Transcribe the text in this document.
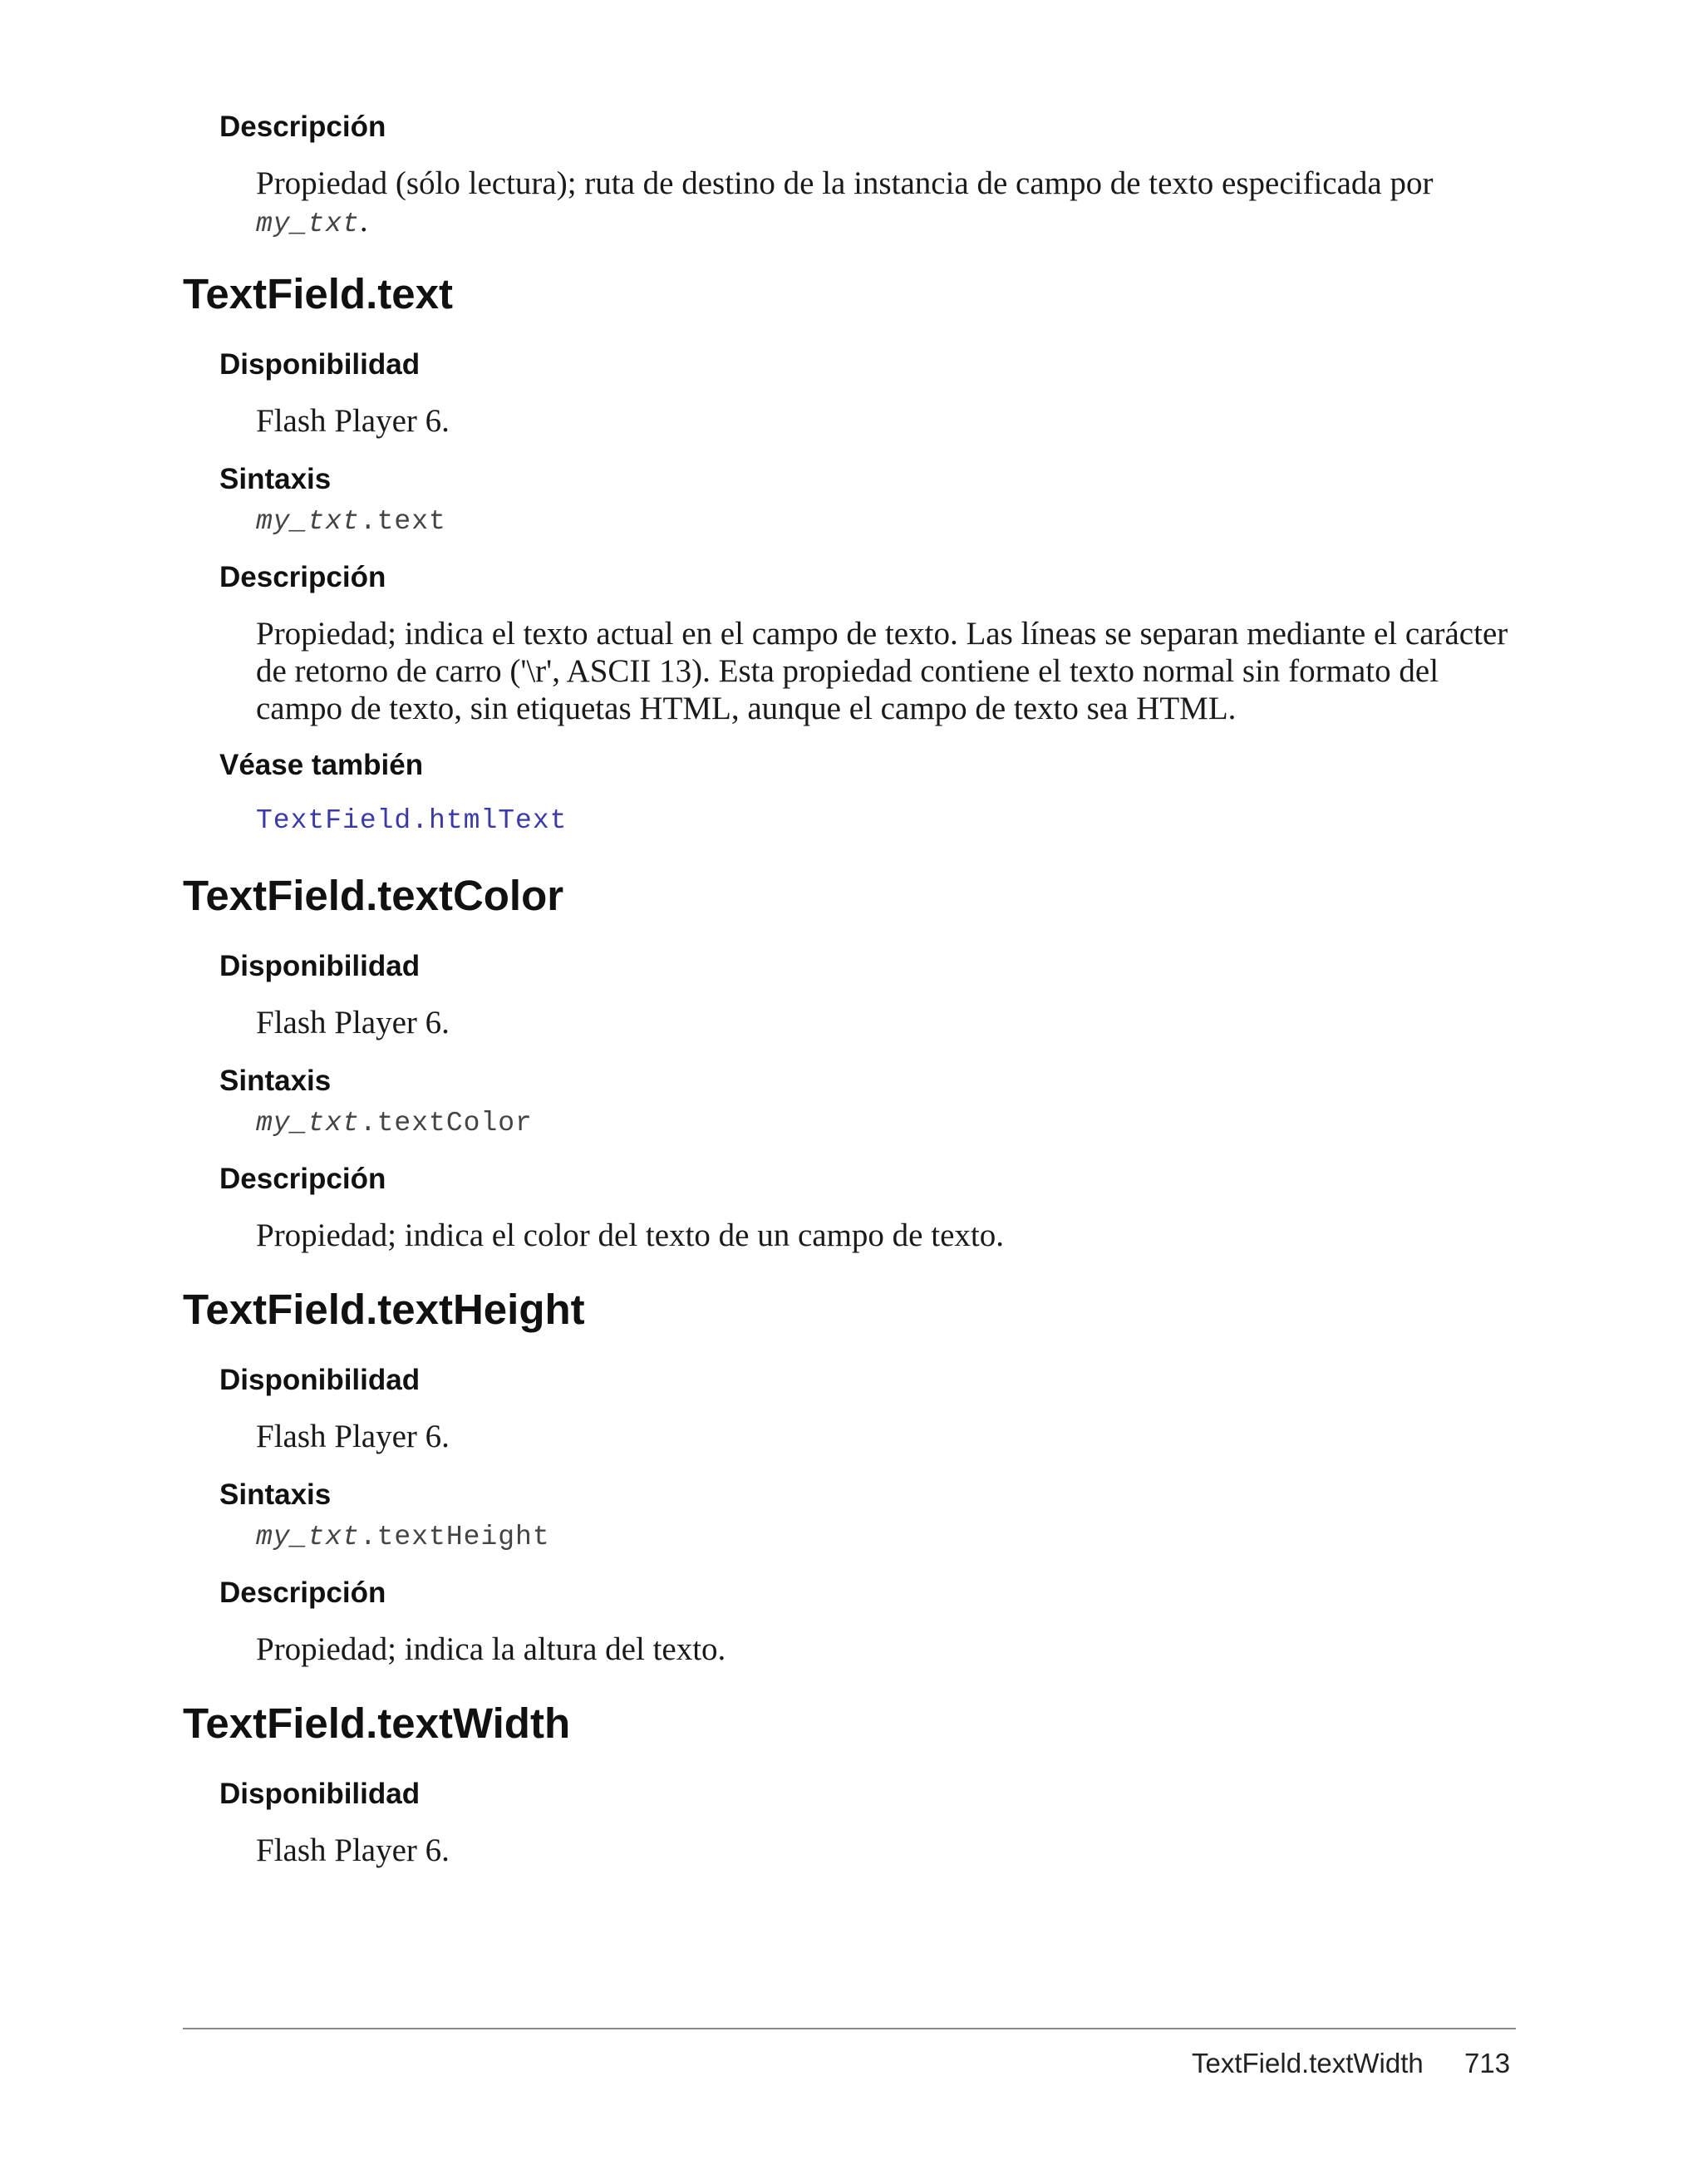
Descripción

Propiedad (sólo lectura); ruta de destino de la instancia de campo de texto especificada por
my_txt.

TextField.text
Disponibilidad

Flash Player 6.

Sintaxis

my_txt.text

Descripción

Propiedad; indica el texto actual en el campo de texto. Las líneas se separan mediante el carácter de retorno de carro ('\r', ASCII 13). Esta propiedad contiene el texto normal sin formato del campo de texto, sin etiquetas HTML, aunque el campo de texto sea HTML.

Véase también

TextField.htmlText

TextField.textColor
Disponibilidad

Flash Player 6.

Sintaxis

my_txt.textColor

Descripción

Propiedad; indica el color del texto de un campo de texto.

TextField.textHeight
Disponibilidad

Flash Player 6.

Sintaxis

my_txt.textHeight

Descripción

Propiedad; indica la altura del texto.

TextField.textWidth
Disponibilidad

Flash Player 6.

TextField.textWidth 713
